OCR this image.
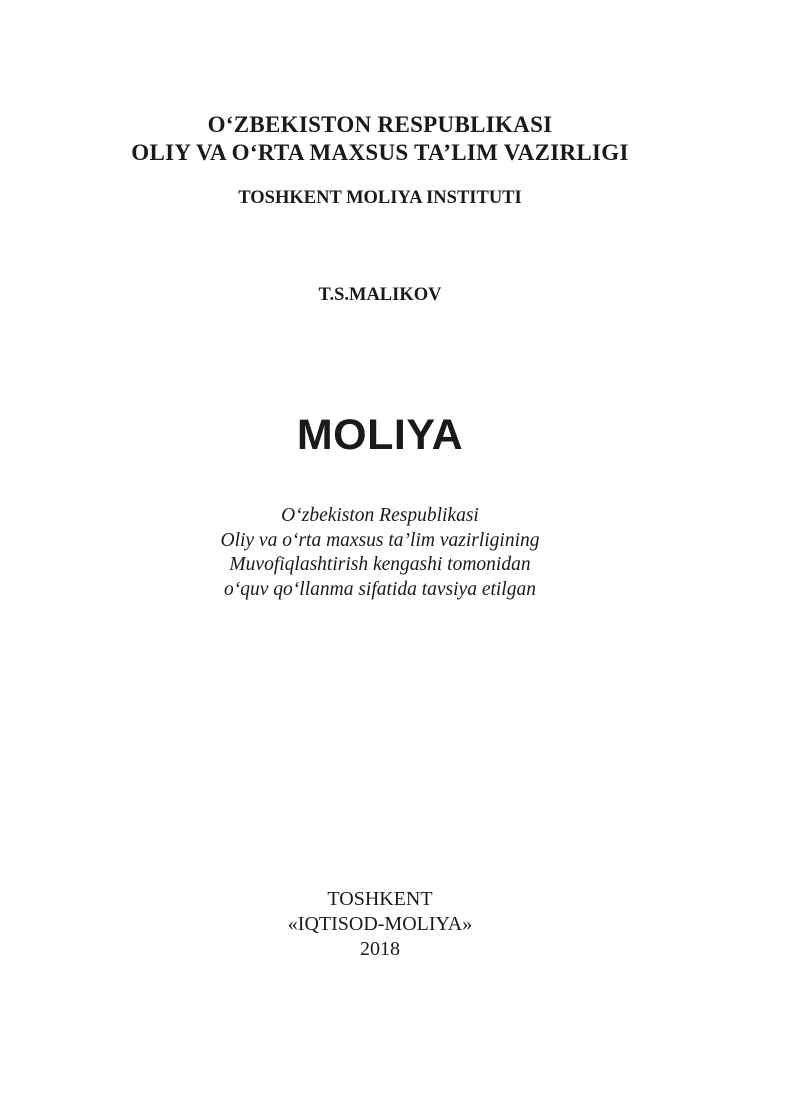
O‘ZBEKISTON RESPUBLIKASI
OLIY VA O‘RTA MAXSUS TA’LIM VAZIRLIGI
TOSHKENT MOLIYA INSTITUTI
T.S.MALIKOV
MOLIYA
O‘zbekiston Respublikasi
Oliy va o‘rta maxsus ta’lim vazirligining
Muvofiqlashtirish kengashi tomonidan
o‘quv qo‘llanma sifatida tavsiya etilgan
TOSHKENT
«IQTISOD-MOLIYA»
2018
